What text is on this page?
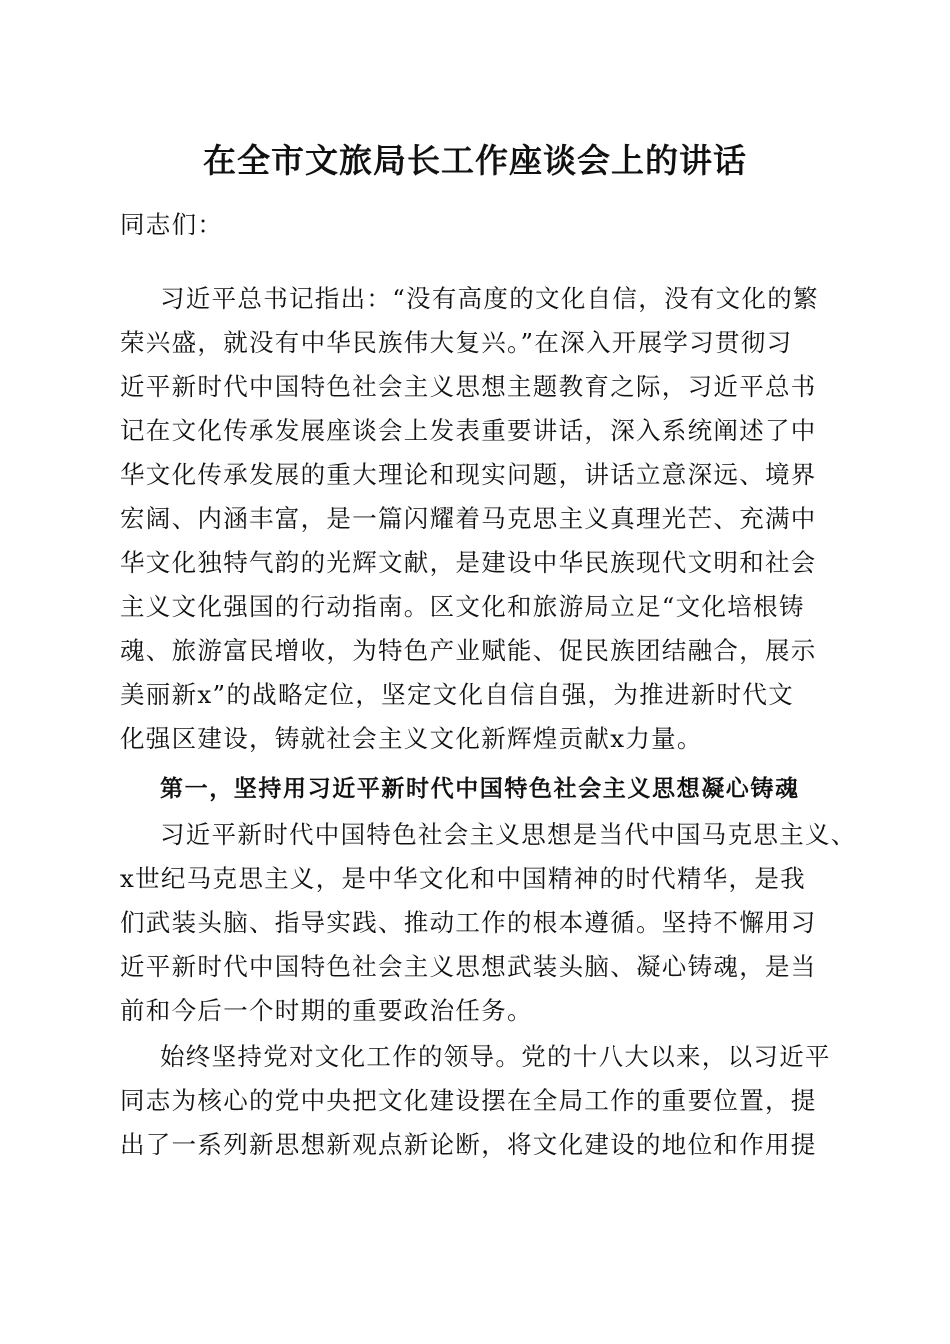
在全市文旅局长工作座谈会上的讲话
同志们：
习近平总书记指出：“没有高度的文化自信，没有文化的繁
荣兴盛，就没有中华民族伟大复兴。”在深入开展学习贯彻习
近平新时代中国特色社会主义思想主题教育之际，习近平总书
记在文化传承发展座谈会上发表重要讲话，深入系统阐述了中
华文化传承发展的重大理论和现实问题，讲话立意深远、境界
宏阔、内涵丰富，是一篇闪耀着马克思主义真理光芒、充满中
华文化独特气韵的光辉文献，是建设中华民族现代文明和社会
主义文化强国的行动指南。区文化和旅游局立足“文化培根铸
魂、旅游富民增收，为特色产业赋能、促民族团结融合，展示
美丽新x”的战略定位，坚定文化自信自强，为推进新时代文
化强区建设，铸就社会主义文化新辉煌贡献x力量。
第一，坚持用习近平新时代中国特色社会主义思想凝心铸魂
习近平新时代中国特色社会主义思想是当代中国马克思主义、
x世纪马克思主义，是中华文化和中国精神的时代精华，是我
们武装头脑、指导实践、推动工作的根本遵循。坚持不懈用习
近平新时代中国特色社会主义思想武装头脑、凝心铸魂，是当
前和今后一个时期的重要政治任务。
始终坚持党对文化工作的领导。党的十八大以来，以习近平
同志为核心的党中央把文化建设摆在全局工作的重要位置，提
出了一系列新思想新观点新论断，将文化建设的地位和作用提
